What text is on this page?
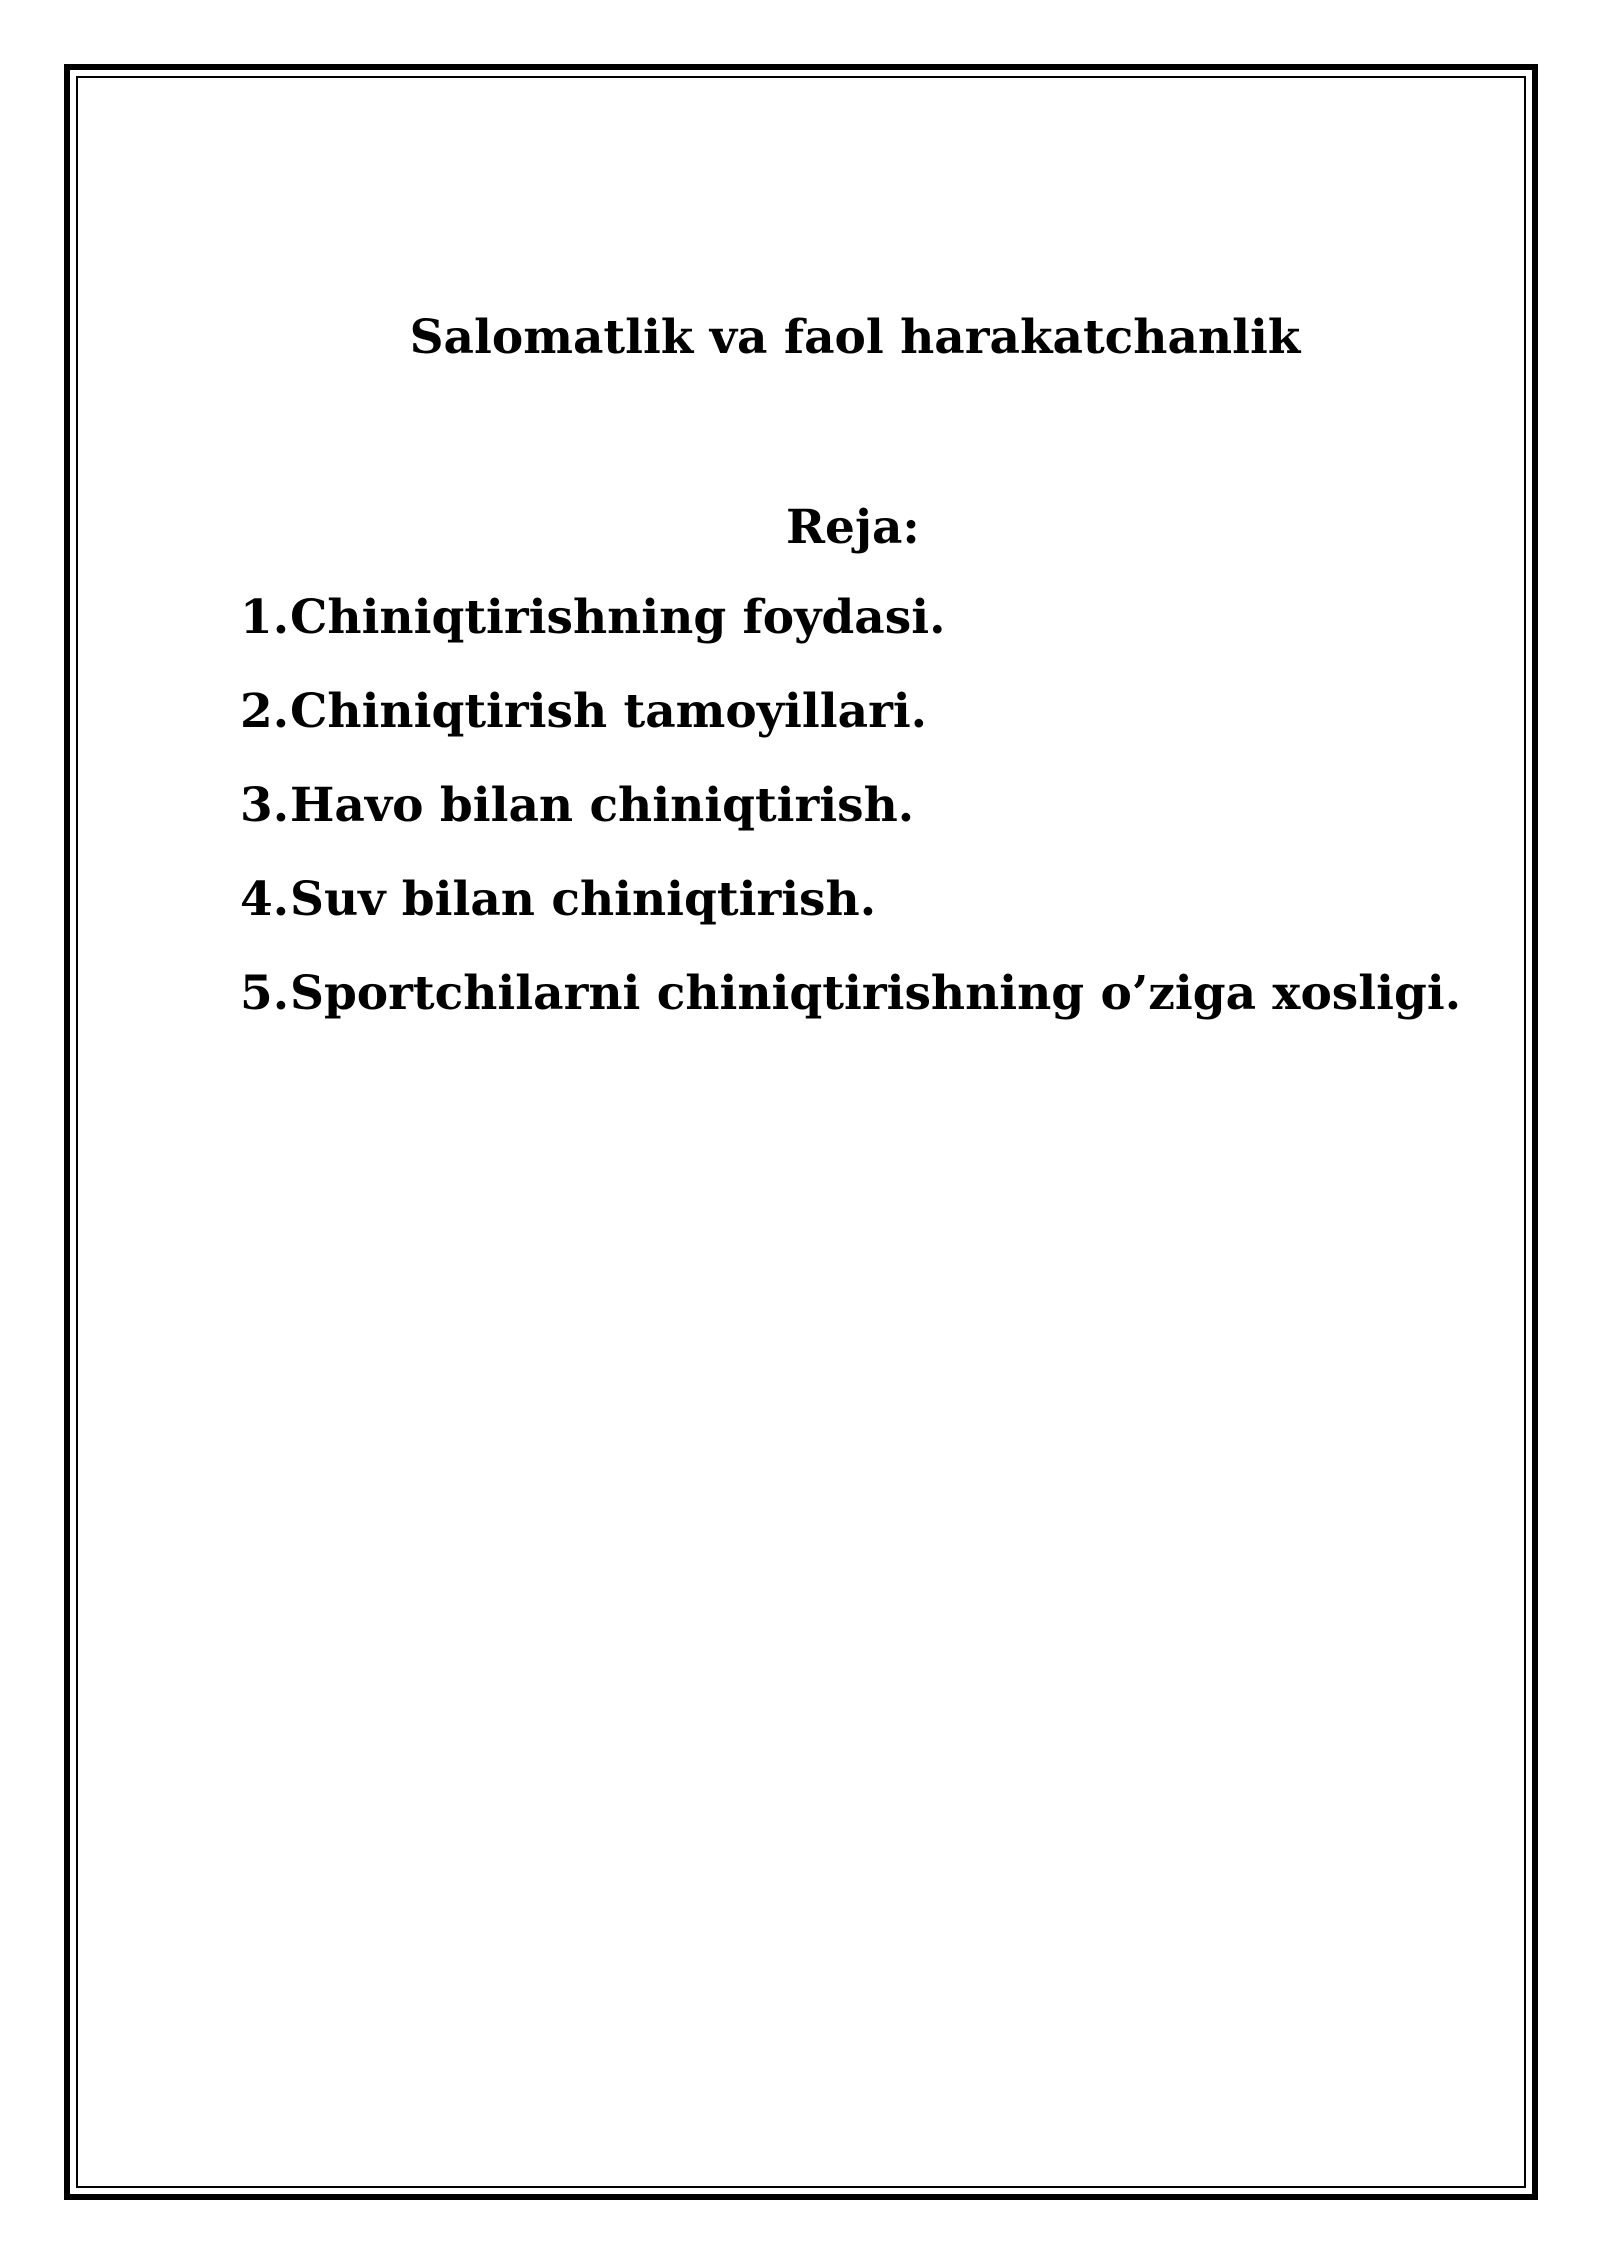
Salomatlik va faol harakatchanlik
Reja:
1. Chiniqtirishning foydasi.
2. Chiniqtirish tamoyillari.
3. Havo bilan chiniqtirish.
4. Suv bilan chiniqtirish.
5. Sportchilarni chiniqtirishning o’ziga xosligi.
